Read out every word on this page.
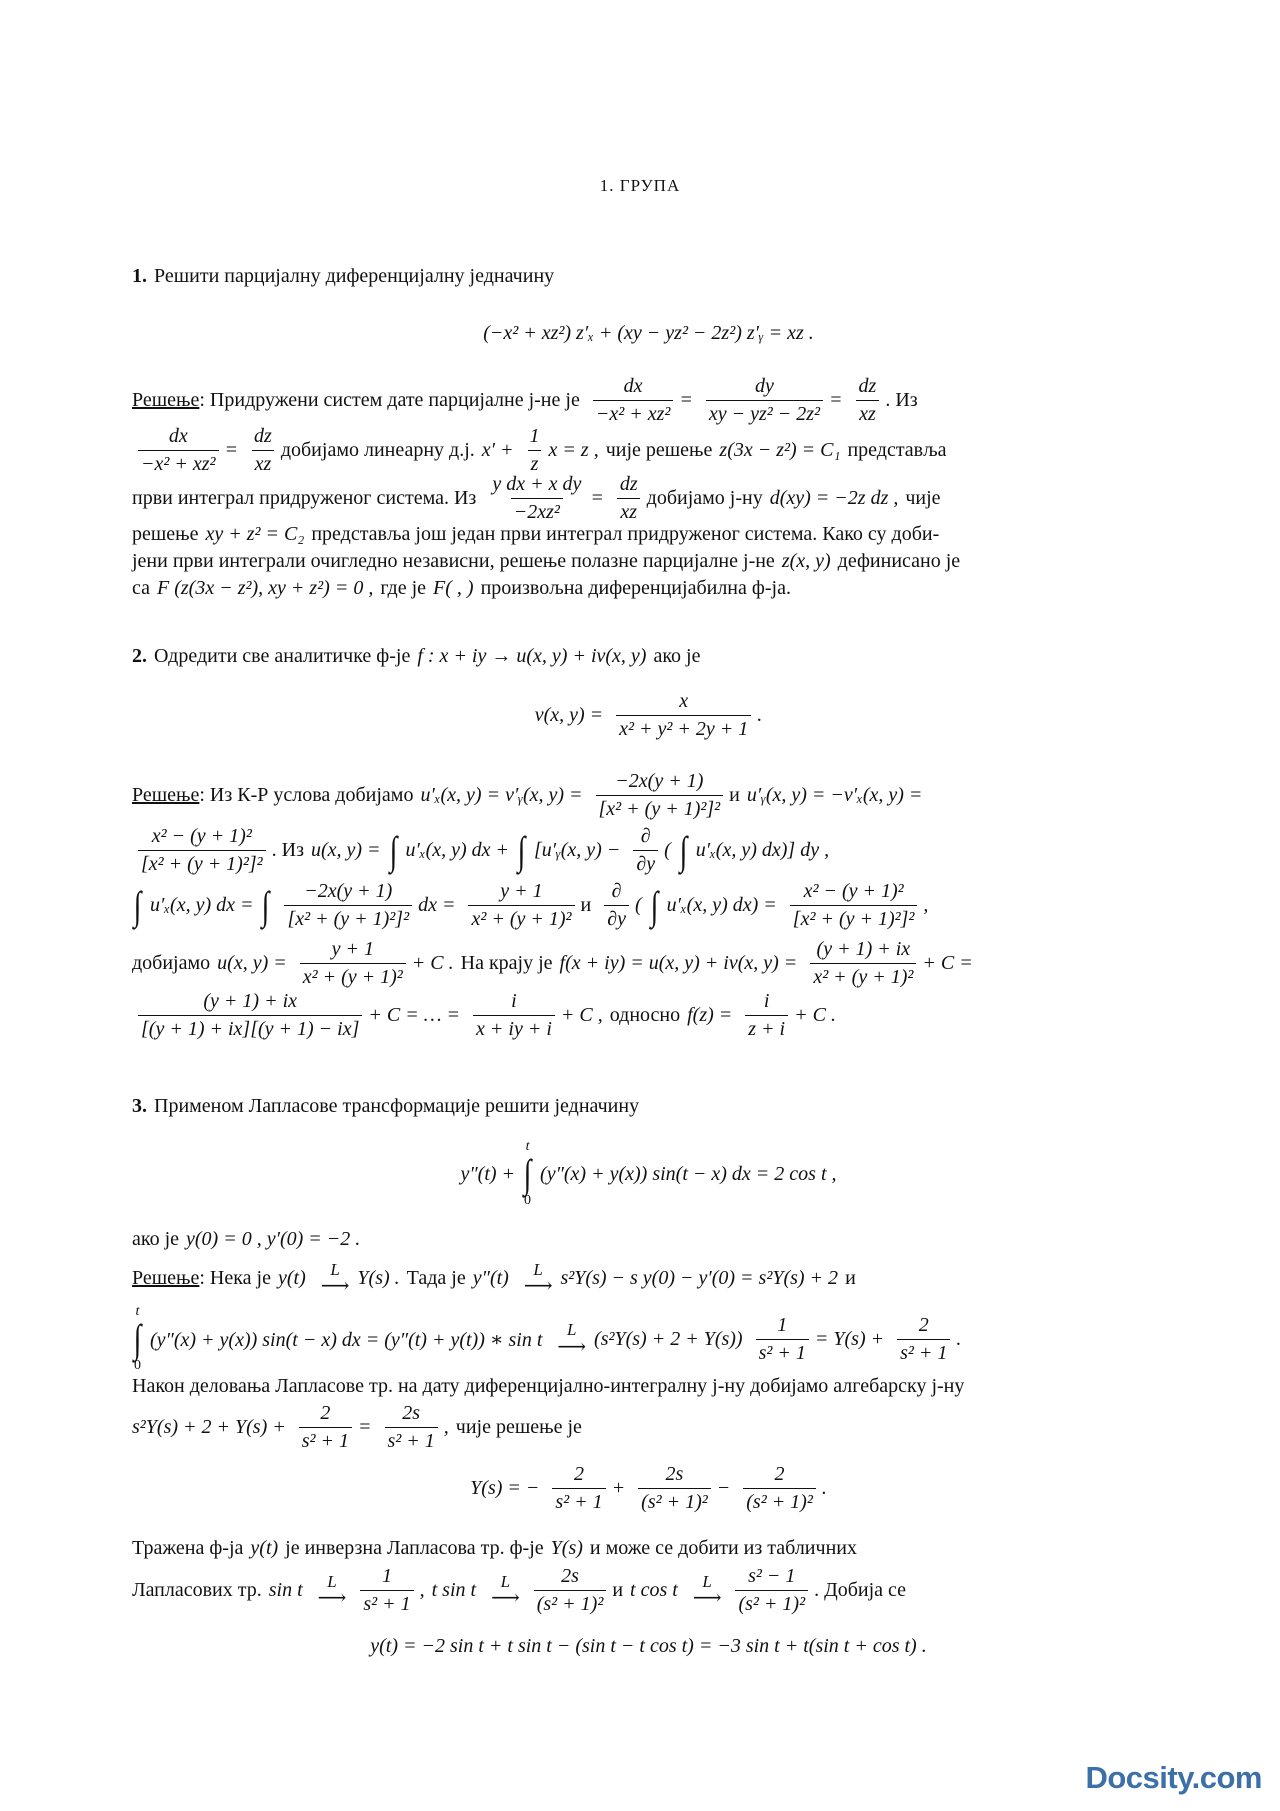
1. ГРУПА
1. Решити парцијалну диференцијалну једначину
(−x² + xz²) z′ₓ + (xy − yz² − 2z²) z′ᵧ = xz .
Решење : Придружени систем дате парцијалне ј-не је $\frac{dx}{\text{−x² + xz²}} = \frac{dy}{\text{xy − yz² − 2z²}} = \frac{dz}{xz}$ . Из
$\frac{dx}{\text{−x² + xz²}} = \frac{dz}{xz}$ добијамо линеарну д.ј. $x' + \frac{1}{z}$ x = z , чије решење z(3x − z²) = C₁ представља
први интеграл придруженог система. Из $\frac{\text{y dx + x dy}}{\text{−2xz²}} = \frac{dz}{xz}$ добијамо ј-ну d(xy) = −2z dz , чије
решење xy + z² = C₂ представља још један први интеграл придруженог система. Како су доби-
јени први интеграли очигледно независни, решење полазне парцијалне ј-не z(x, y) дефинисано је
са F (z(3x − z²), xy + z²) = 0 , где је F( , ) произвољна диференцијабилна ф-ја.
2. Одредити све аналитичке ф-је f : x + iy → u(x, y) + iv(x, y) ако је
v(x, $y) = \frac{x}{\text{x² + y² + 2y + 1}}$ .
Решење : Из К-Р услова добијамо u′ₓ(x, y) = v′ᵧ(x, $y) = \frac{-2x(y + 1)}{\text{[x² + (y + 1)²]²}}$ и u′ᵧ(x, y) = −v′ₓ(x, y) =
$\frac{\text{x² − (y + 1)²}}{\text{[x² + (y + 1)²]²}}$ . Из u(x, y) = ∫ u′ₓ(x, y) dx + ∫ [u′ᵧ(x, $y) - \frac{\partial}{\partial y}$ ( ∫ u′ₓ(x, y) dx)] dy ,
∫ u′ₓ(x, y) dx = ∫ $\frac{-2x(y + 1)}{\text{[x² + (y + 1)²]²}}$ dx = $\frac{y + 1}{\text{x² + (y + 1)²}}$ и $\frac{\partial}{\partial y}$ ( ∫ u′ₓ(x, y) $dx) = \frac{\text{x² − (y + 1)²}}{\text{[x² + (y + 1)²]²}}$ ,
добијамо u(x, $y) = \frac{y + 1}{\text{x² + (y + 1)²}} + C$ . На крају је f(x + iy) = u(x, y) + iv(x, $y) = \frac{(y + 1) + ix}{\text{x² + (y + 1)²}} + C$ =
$\frac{(y + 1) + ix}{[(y + 1) + ix][(y + 1) - ix]} + C$ = … = $\frac{i}{x + iy + i} + C$ , односно $f(z) = \frac{i}{z + i} + C$ .
3. Применом Лапласове трансформације решити једначину
y″(t) +
t
∫
0
(y″(x) + y(x)) sin(t − x) dx = 2 cos t ,
ако је y(0) = 0 , y′(0) = −2 .
Решење : Нека је y(t) L
⟶ Y(s) . Тада је y″(t) L
⟶ s²Y(s) − s y(0) − y′(0) = s²Y(s) + 2 и
t
∫
0
(y″(x) + y(x)) sin(t − x) dx = (y″(t) + y(t)) ∗ sin t L
⟶ $(s^2Y(s) + 2 + Y(s)) \frac{1}{\text{s² + 1}} = Y(s) + \frac{2}{\text{s² + 1}}$ .
Након деловања Лапласове тр. на дату диференцијално-интегралну ј-ну добијамо алгебарску ј-ну
$s^2Y(s) + 2 + Y(s) + \frac{2}{\text{s² + 1}} = \frac{2s}{\text{s² + 1}}$ , чије решење је
Y(s) = − $\frac{2}{\text{s² + 1}} + \frac{2s}{\text{(s² + 1)²}} - \frac{2}{\text{(s² + 1)²}}$ .
Тражена ф-ја y(t) је инверзна Лапласова тр. ф-је Y(s) и може се добити из табличних
Лапласових тр. sin t L
⟶ $\frac{1}{\text{s² + 1}}$ , t sin t L
⟶ $\frac{2s}{\text{(s² + 1)²}}$ и t cos t L
⟶ $\frac{\text{s² − 1}}{\text{(s² + 1)²}}$ . Добија се
y(t) = −2 sin t + t sin t − (sin t − t cos t) = −3 sin t + t(sin t + cos t) .
Docsity.com
